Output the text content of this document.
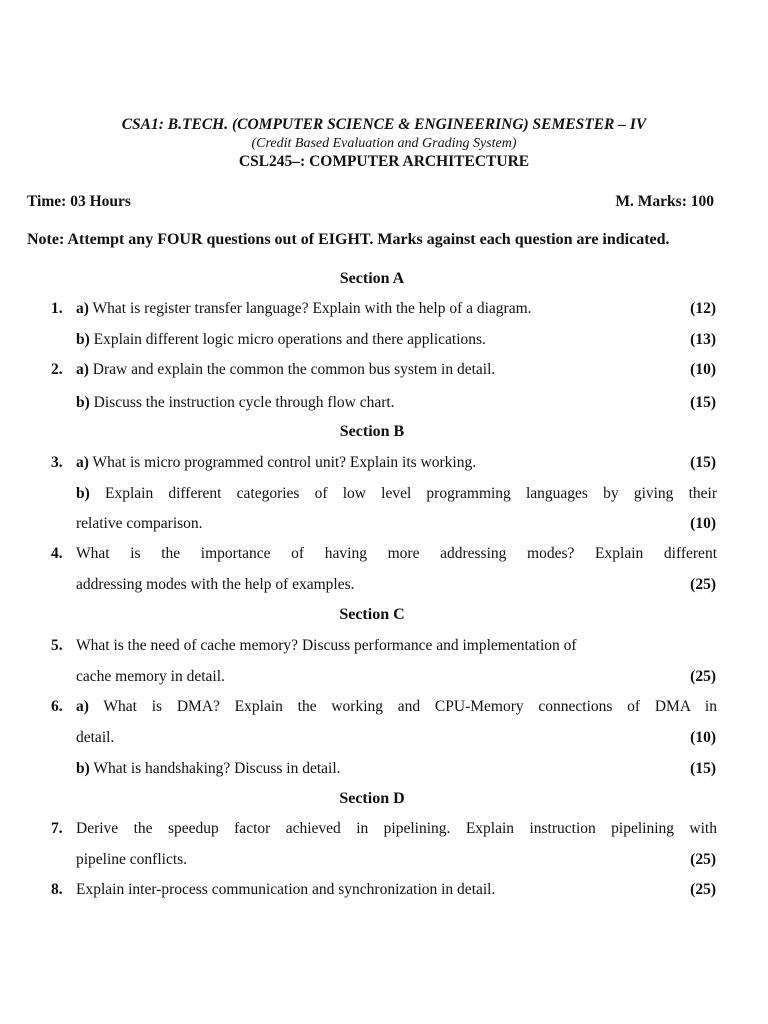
CSA1: B.TECH. (COMPUTER SCIENCE & ENGINEERING) SEMESTER – IV
(Credit Based Evaluation and Grading System)
CSL245–: COMPUTER ARCHITECTURE
Time: 03 Hours	M. Marks: 100
Note: Attempt any FOUR questions out of EIGHT. Marks against each question are indicated.
Section A
1. a) What is register transfer language? Explain with the help of a diagram.	(12)
b) Explain different logic micro operations and there applications.	(13)
2. a) Draw and explain the common the common bus system in detail.	(10)
b) Discuss the instruction cycle through flow chart.	(15)
Section B
3. a) What is micro programmed control unit? Explain its working.	(15)
b) Explain different categories of low level programming languages by giving their
relative comparison.	(10)
4. What is the importance of having more addressing modes? Explain different
addressing modes with the help of examples.	(25)
Section C
5. What is the need of cache memory? Discuss performance and implementation of
cache memory in detail.	(25)
6. a) What is DMA? Explain the working and CPU-Memory connections of DMA in
detail.	(10)
b) What is handshaking? Discuss in detail.	(15)
Section D
7. Derive the speedup factor achieved in pipelining. Explain instruction pipelining with
pipeline conflicts.	(25)
8. Explain inter-process communication and synchronization in detail.	(25)
